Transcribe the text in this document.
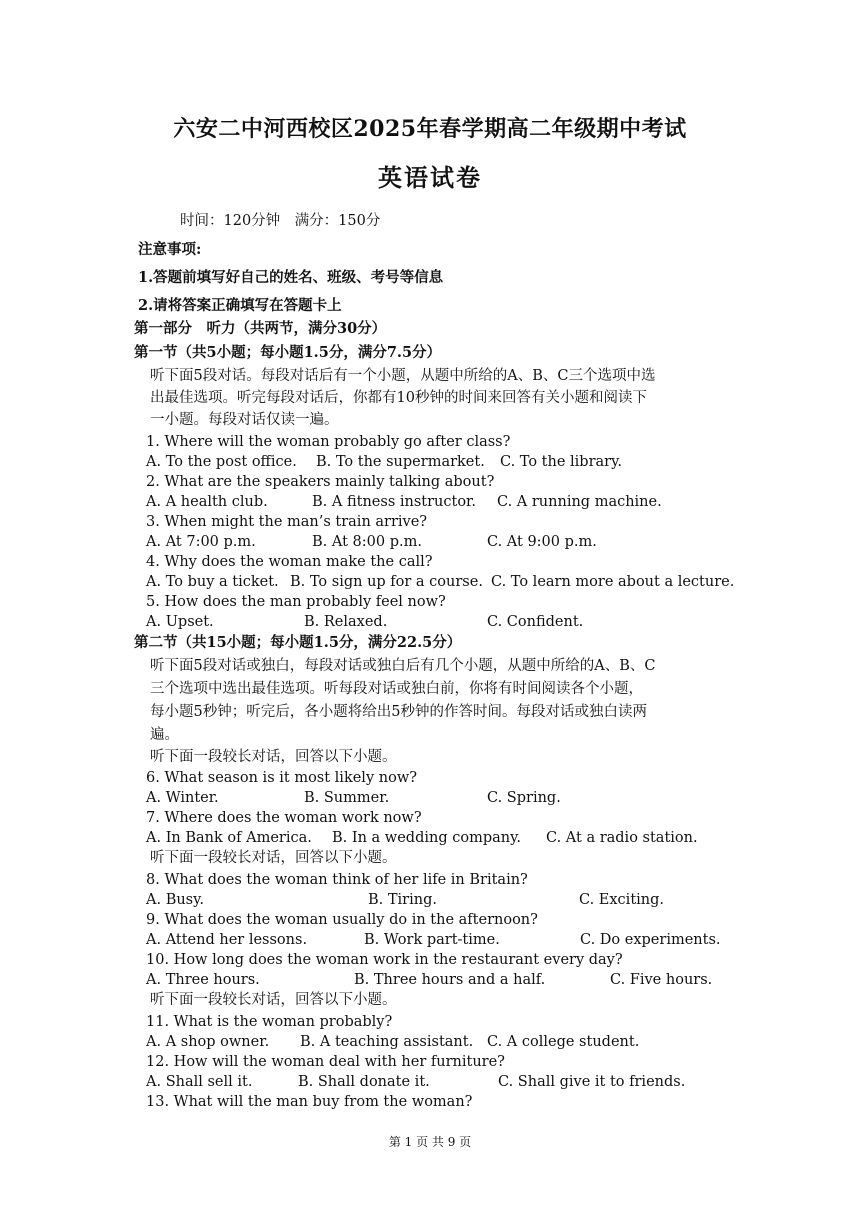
六安二中河西校区2025年春学期高二年级期中考试
英语试卷
时间：120分钟　满分：150分
注意事项:
1.答题前填写好自己的姓名、班级、考号等信息
2.请将答案正确填写在答题卡上
第一部分　听力（共两节，满分30分）
第一节（共5小题；每小题1.5分，满分7.5分）
听下面5段对话。每段对话后有一个小题，从题中所给的A、B、C三个选项中选
出最佳选项。听完每段对话后，你都有10秒钟的时间来回答有关小题和阅读下
一小题。每段对话仅读一遍。
1. Where will the woman probably go after class?
A. To the post office. B. To the supermarket. C. To the library.
2. What are the speakers mainly talking about?
A. A health club.	B. A fitness instructor. C. A running machine.
3. When might the man’s train arrive?
A. At 7:00 p.m.	B. At 8:00 p.m.	C. At 9:00 p.m.
4. Why does the woman make the call?
A. To buy a ticket. B. To sign up for a course. C. To learn more about a lecture.
5. How does the man probably feel now?
A. Upset.	B. Relaxed.	C. Confident.
第二节（共15小题；每小题1.5分，满分22.5分）
听下面5段对话或独白，每段对话或独白后有几个小题，从题中所给的A、B、C
三个选项中选出最佳选项。听每段对话或独白前，你将有时间阅读各个小题，
每小题5秒钟；听完后，各小题将给出5秒钟的作答时间。每段对话或独白读两
遍。
听下面一段较长对话，回答以下小题。
6. What season is it most likely now?
A. Winter.	B. Summer.	C. Spring.
7. Where does the woman work now?
A. In Bank of America. B. In a wedding company. C. At a radio station.
听下面一段较长对话，回答以下小题。
8. What does the woman think of her life in Britain?
A. Busy.	B. Tiring.	C. Exciting.
9. What does the woman usually do in the afternoon?
A. Attend her lessons.	B. Work part-time.	C. Do experiments.
10. How long does the woman work in the restaurant every day?
A. Three hours.	B. Three hours and a half.	C. Five hours.
听下面一段较长对话，回答以下小题。
11. What is the woman probably?
A. A shop owner. B. A teaching assistant. C. A college student.
12. How will the woman deal with her furniture?
A. Shall sell it.	B. Shall donate it.	C. Shall give it to friends.
13. What will the man buy from the woman?
第 1 页 共 9 页
